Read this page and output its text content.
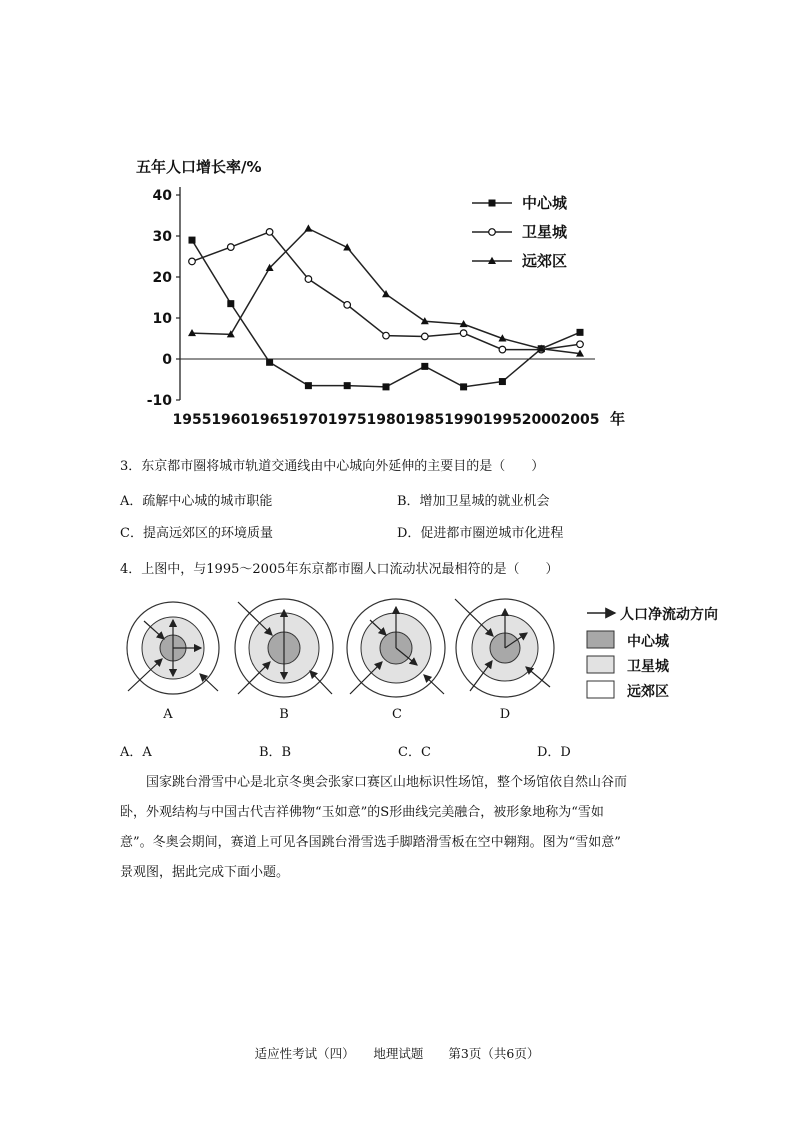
五年人口增长率/%
40
30
20
10
0
-10
1955 1960 1965 1970 1975 1980 1985 1990 1995 2000 2005 年
中心城
卫星城
远郊区
3．东京都市圈将城市轨道交通线由中心城向外延伸的主要目的是（　　）
A．疏解中心城的城市职能	B．增加卫星城的就业机会
C．提高远郊区的环境质量	D．促进都市圈逆城市化进程
4．上图中，与1995～2005年东京都市圈人口流动状况最相符的是（　　）
A	B	C	D
人口净流动方向
中心城
卫星城
远郊区
A．A	B．B	C．C	D．D

国家跳台滑雪中心是北京冬奥会张家口赛区山地标识性场馆，整个场馆依自然山谷而

卧，外观结构与中国古代吉祥佛物“玉如意”的S形曲线完美融合，被形象地称为“雪如
意”。冬奥会期间，赛道上可见各国跳台滑雪选手脚踏滑雪板在空中翱翔。图为“雪如意”
景观图，据此完成下面小题。
适应性考试（四）　　地理试题　　第3页（共6页）
